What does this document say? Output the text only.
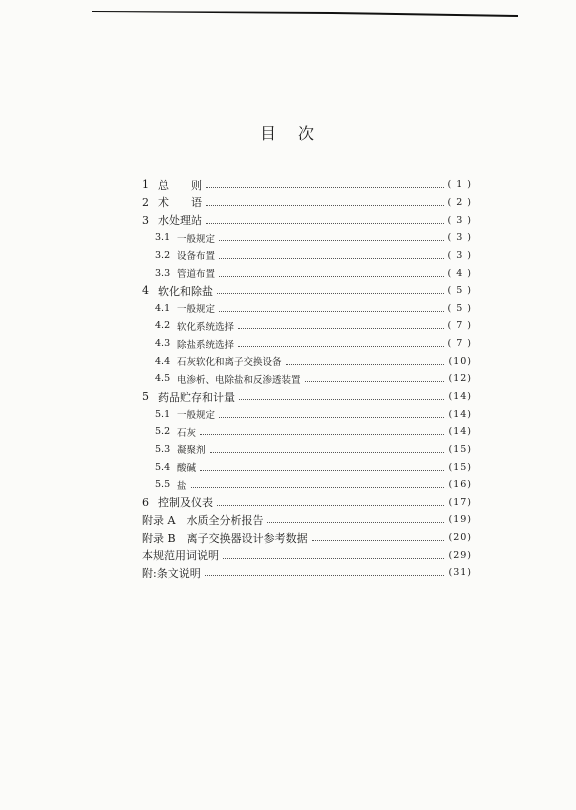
目 次
1 总　　则	( 1 )
2 术　　语	( 2 )
3 水处理站	( 3 )
3.1 一般规定	( 3 )
3.2 设备布置	( 3 )
3.3 管道布置	( 4 )
4 软化和除盐	( 5 )
4.1 一般规定	( 5 )
4.2 软化系统选择	( 7 )
4.3 除盐系统选择	( 7 )
4.4 石灰软化和离子交换设备	(10)
4.5 电渗析、电除盐和反渗透装置	(12)
5 药品贮存和计量	(14)
5.1 一般规定	(14)
5.2 石灰	(14)
5.3 凝聚剂	(15)
5.4 酸碱	(15)
5.5 盐	(16)
6 控制及仪表	(17)
附录 A　水质全分析报告	(19)
附录 B　离子交换器设计参考数据	(20)
本规范用词说明	(29)
附:条文说明	(31)
